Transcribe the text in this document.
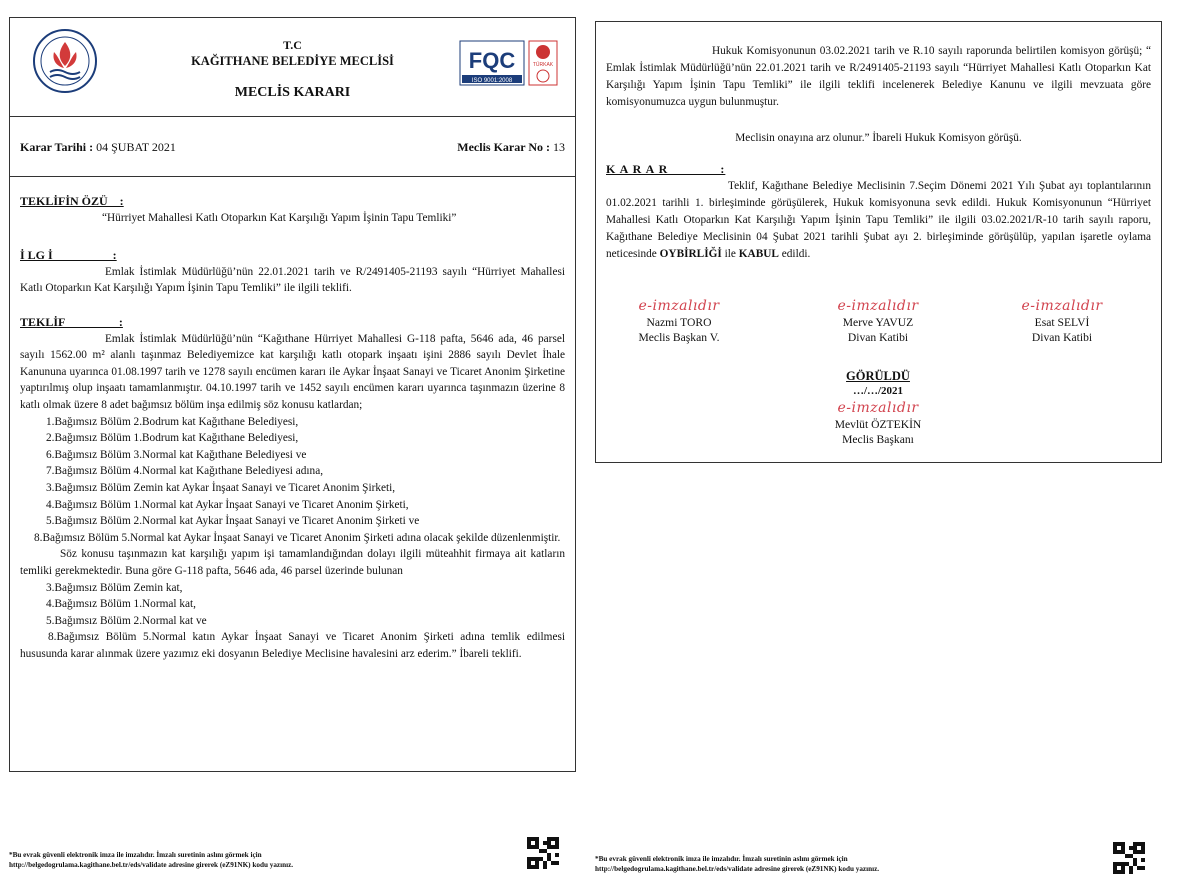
T.C
KAĞITHANE BELEDİYE MECLİSİ
MECLİS KARARI
FQC
ISO 9001:2008
TÜRKAK
Karar Tarihi : 04 ŞUBAT 2021	Meclis Karar No : 13
TEKLİFİN ÖZÜ    :
“Hürriyet Mahallesi Katlı Otoparkın Kat Karşılığı Yapım İşinin Tapu Temliki”
İ LG İ                    :
Emlak İstimlak Müdürlüğü’nün 22.01.2021 tarih ve R/2491405-21193 sayılı “Hürriyet Mahallesi Katlı Otoparkın Kat Karşılığı Yapım İşinin Tapu Temliki” ile ilgili teklifi.
TEKLİF                  :
Emlak İstimlak Müdürlüğü’nün “Kağıthane Hürriyet Mahallesi G-118 pafta, 5646 ada, 46 parsel sayılı 1562.00 m² alanlı taşınmaz Belediyemizce kat karşılığı katlı otopark inşaatı işini 2886 sayılı Devlet İhale Kanununa uyarınca 01.08.1997 tarih ve 1278 sayılı encümen kararı ile Aykar İnşaat Sanayi ve Ticaret Anonim Şirketine yaptırılmış olup inşaatı tamamlanmıştır. 04.10.1997 tarih ve 1452 sayılı encümen kararı uyarınca taşınmazın üzerine 8 katlı olmak üzere 8 adet bağımsız bölüm inşa edilmiş söz konusu katlardan;
1.Bağımsız Bölüm 2.Bodrum kat Kağıthane Belediyesi,
2.Bağımsız Bölüm 1.Bodrum kat Kağıthane Belediyesi,
6.Bağımsız Bölüm 3.Normal kat Kağıthane Belediyesi ve
7.Bağımsız Bölüm 4.Normal kat Kağıthane Belediyesi adına,
3.Bağımsız Bölüm Zemin kat Aykar İnşaat Sanayi ve Ticaret Anonim Şirketi,
4.Bağımsız Bölüm 1.Normal kat Aykar İnşaat Sanayi ve Ticaret Anonim Şirketi,
5.Bağımsız Bölüm 2.Normal kat Aykar İnşaat Sanayi ve Ticaret Anonim Şirketi ve
8.Bağımsız Bölüm 5.Normal kat Aykar İnşaat Sanayi ve Ticaret Anonim Şirketi adına olacak şekilde düzenlenmiştir.
Söz konusu taşınmazın kat karşılığı yapım işi tamamlandığından dolayı ilgili müteahhit firmaya ait katların temliki gerekmektedir. Buna göre G-118 pafta, 5646 ada, 46 parsel üzerinde bulunan
3.Bağımsız Bölüm Zemin kat,
4.Bağımsız Bölüm 1.Normal kat,
5.Bağımsız Bölüm 2.Normal kat ve
8.Bağımsız Bölüm 5.Normal katın Aykar İnşaat Sanayi ve Ticaret Anonim Şirketi adına temlik edilmesi hususunda karar alınmak üzere yazımız eki dosyanın Belediye Meclisine havalesini arz ederim.” İbareli teklifi.
Hukuk Komisyonunun 03.02.2021 tarih ve R.10 sayılı raporunda belirtilen komisyon görüşü; “ Emlak İstimlak Müdürlüğü’nün 22.01.2021 tarih ve R/2491405-21193 sayılı “Hürriyet Mahallesi Katlı Otoparkın Kat Karşılığı Yapım İşinin Tapu Temliki” ile ilgili teklifi incelenerek Belediye Kanunu ve ilgili mevzuata göre komisyonumuzca uygun bulunmuştur.
Meclisin onayına arz olunur.” İbareli Hukuk Komisyon görüşü.
K A R A R             :
Teklif, Kağıthane Belediye Meclisinin 7.Seçim Dönemi 2021 Yılı Şubat ayı toplantılarının 01.02.2021 tarihli 1. birleşiminde görüşülerek, Hukuk komisyonuna sevk edildi. Hukuk Komisyonunun “Hürriyet Mahallesi Katlı Otoparkın Kat Karşılığı Yapım İşinin Tapu Temliki” ile ilgili 03.02.2021/R-10 tarih sayılı raporu, Kağıthane Belediye Meclisinin 04 Şubat 2021 tarihli Şubat ayı 2. birleşiminde görüşülüp, yapılan işaretle oylama neticesinde OYBİRLİĞİ ile KABUL edildi.
e-imzalıdır
Nazmi TORO
Meclis Başkan V.
e-imzalıdır
Merve YAVUZ
Divan Katibi
e-imzalıdır
Esat SELVİ
Divan Katibi
GÖRÜLDÜ
…/…/2021
e-imzalıdır
Mevlüt ÖZTEKİN
Meclis Başkanı
*Bu evrak güvenli elektronik imza ile imzalıdır. İmzalı suretinin aslını görmek için
http://belgedogrulama.kagithane.bel.tr/eds/validate adresine girerek (eZ91NK) kodu yazınız.
*Bu evrak güvenli elektronik imza ile imzalıdır. İmzalı suretinin aslını görmek için
http://belgedogrulama.kagithane.bel.tr/eds/validate adresine girerek (eZ91NK) kodu yazınız.
